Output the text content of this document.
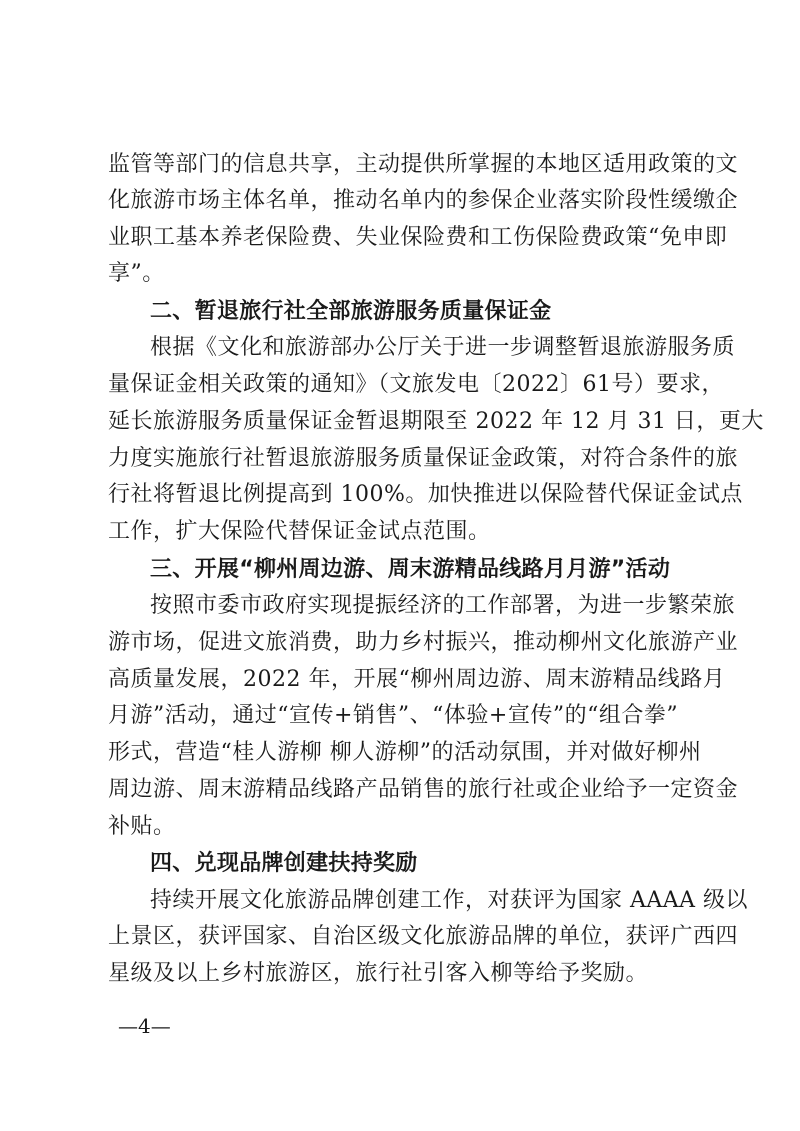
监管等部门的信息共享，主动提供所掌握的本地区适用政策的文
化旅游市场主体名单，推动名单内的参保企业落实阶段性缓缴企
业职工基本养老保险费、失业保险费和工伤保险费政策“免申即
享”。
二、暂退旅行社全部旅游服务质量保证金
根据《文化和旅游部办公厅关于进一步调整暂退旅游服务质
量保证金相关政策的通知》（文旅发电〔2022〕61号）要求，
延长旅游服务质量保证金暂退期限至 2022 年 12 月 31 日，更大
力度实施旅行社暂退旅游服务质量保证金政策，对符合条件的旅
行社将暂退比例提高到 100%。加快推进以保险替代保证金试点
工作，扩大保险代替保证金试点范围。
三、开展“柳州周边游、周末游精品线路月月游”活动
按照市委市政府实现提振经济的工作部署，为进一步繁荣旅
游市场，促进文旅消费，助力乡村振兴，推动柳州文化旅游产业
高质量发展，2022 年，开展“柳州周边游、周末游精品线路月
月游”活动，通过“宣传+销售”、“体验+宣传”的“组合拳”
形式，营造“桂人游柳 柳人游柳”的活动氛围，并对做好柳州
周边游、周末游精品线路产品销售的旅行社或企业给予一定资金
补贴。
四、兑现品牌创建扶持奖励
持续开展文化旅游品牌创建工作，对获评为国家 AAAA 级以
上景区，获评国家、自治区级文化旅游品牌的单位，获评广西四
星级及以上乡村旅游区，旅行社引客入柳等给予奖励。
—4—
